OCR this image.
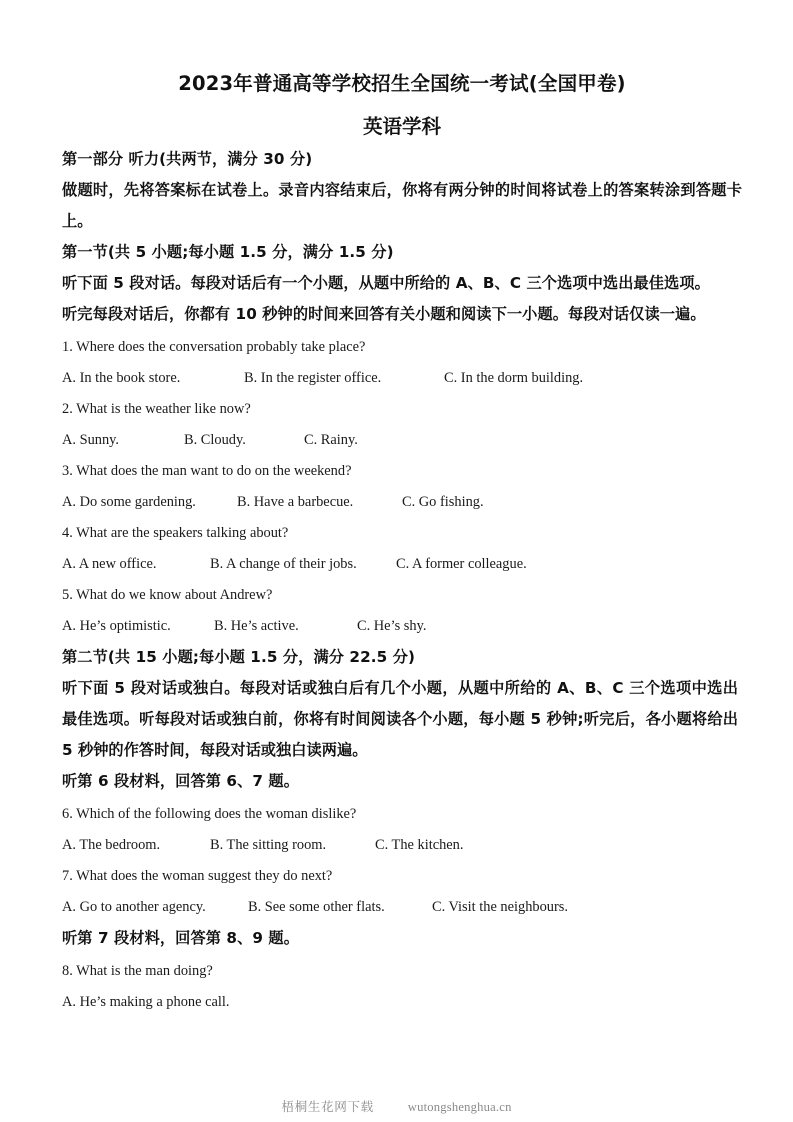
2023年普通高等学校招生全国统一考试(全国甲卷)
英语学科
第一部分 听力(共两节，满分 30 分)
做题时，先将答案标在试卷上。录音内容结束后，你将有两分钟的时间将试卷上的答案转涂到答题卡上。
第一节(共 5 小题;每小题 1.5 分，满分 1.5 分)
听下面 5 段对话。每段对话后有一个小题，从题中所给的 A、B、C 三个选项中选出最佳选项。
听完每段对话后，你都有 10 秒钟的时间来回答有关小题和阅读下一小题。每段对话仅读一遍。
1. Where does the conversation probably take place?
A. In the book store.	B. In the register office.	C. In the dorm building.
2. What is the weather like now?
A. Sunny.	B. Cloudy.	C. Rainy.
3. What does the man want to do on the weekend?
A. Do some gardening.	B. Have a barbecue.	C. Go fishing.
4. What are the speakers talking about?
A. A new office.	B. A change of their jobs.	C. A former colleague.
5. What do we know about Andrew?
A. He’s optimistic.	B. He’s active.	C. He’s shy.
第二节(共 15 小题;每小题 1.5 分，满分 22.5 分)
听下面 5 段对话或独白。每段对话或独白后有几个小题，从题中所给的 A、B、C 三个选项中选出最佳选项。听每段对话或独白前，你将有时间阅读各个小题，每小题 5 秒钟;听完后，各小题将给出 5 秒钟的作答时间，每段对话或独白读两遍。
听第 6 段材料，回答第 6、7 题。
6. Which of the following does the woman dislike?
A. The bedroom.	B. The sitting room.	C. The kitchen.
7. What does the woman suggest they do next?
A. Go to another agency.	B. See some other flats.	C. Visit the neighbours.
听第 7 段材料，回答第 8、9 题。
8. What is the man doing?
A. He’s making a phone call.
梧桐生花网下载	wutongshenghua.cn
